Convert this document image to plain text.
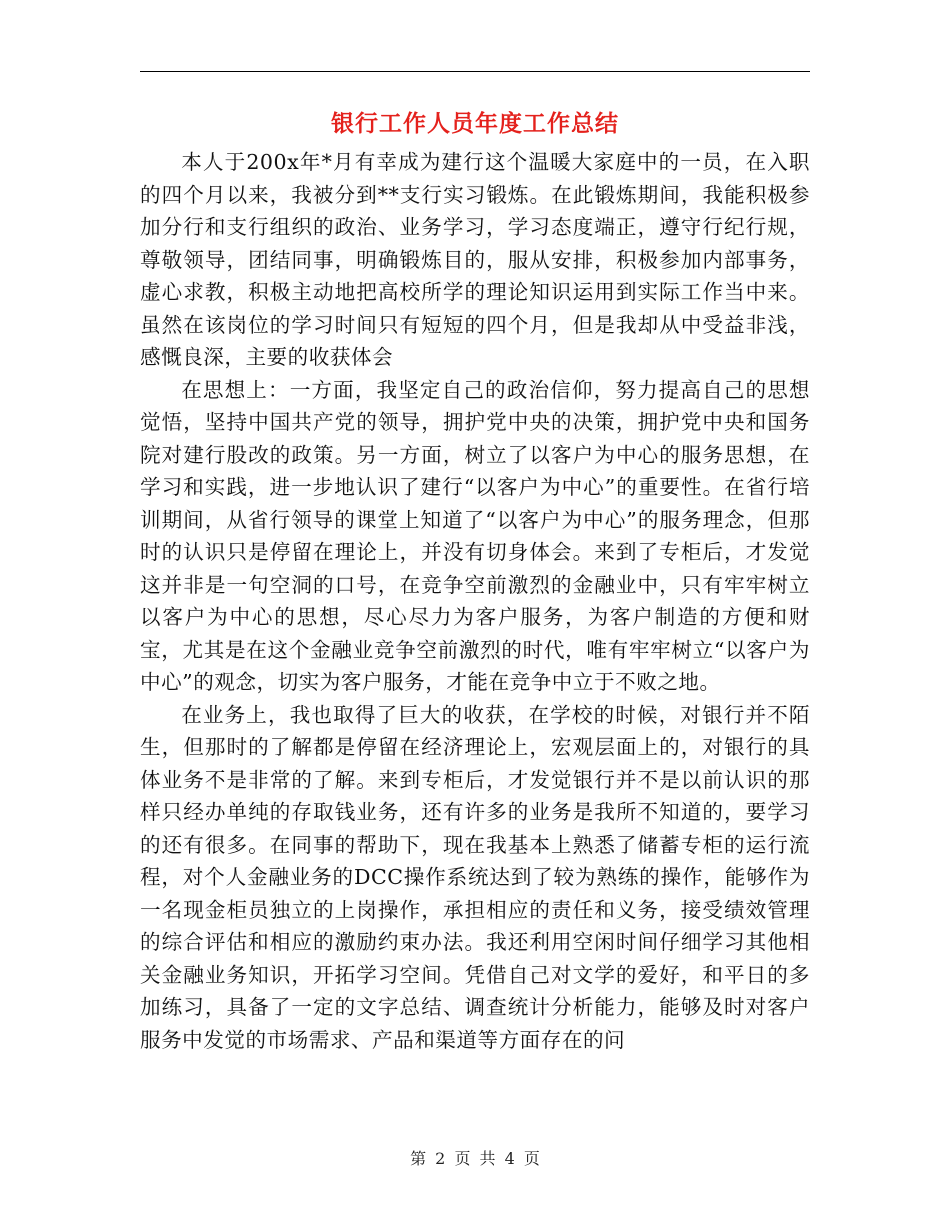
银行工作人员年度工作总结

本人于200x年*月有幸成为建行这个温暖大家庭中的一员，在入职的四个月以来，我被分到**支行实习锻炼。在此锻炼期间，我能积极参加分行和支行组织的政治、业务学习，学习态度端正，遵守行纪行规，尊敬领导，团结同事，明确锻炼目的，服从安排，积极参加内部事务，虚心求教，积极主动地把高校所学的理论知识运用到实际工作当中来。虽然在该岗位的学习时间只有短短的四个月，但是我却从中受益非浅，感慨良深，主要的收获体会

在思想上：一方面，我坚定自己的政治信仰，努力提高自己的思想觉悟，坚持中国共产党的领导，拥护党中央的决策，拥护党中央和国务院对建行股改的政策。另一方面，树立了以客户为中心的服务思想，在学习和实践，进一步地认识了建行“以客户为中心”的重要性。在省行培训期间，从省行领导的课堂上知道了“以客户为中心”的服务理念，但那时的认识只是停留在理论上，并没有切身体会。来到了专柜后，才发觉这并非是一句空洞的口号，在竞争空前激烈的金融业中，只有牢牢树立以客户为中心的思想，尽心尽力为客户服务，为客户制造的方便和财宝，尤其是在这个金融业竞争空前激烈的时代，唯有牢牢树立“以客户为中心”的观念，切实为客户服务，才能在竞争中立于不败之地。

在业务上，我也取得了巨大的收获，在学校的时候，对银行并不陌生，但那时的了解都是停留在经济理论上，宏观层面上的，对银行的具体业务不是非常的了解。来到专柜后，才发觉银行并不是以前认识的那样只经办单纯的存取钱业务，还有许多的业务是我所不知道的，要学习的还有很多。在同事的帮助下，现在我基本上熟悉了储蓄专柜的运行流程，对个人金融业务的DCC操作系统达到了较为熟练的操作，能够作为一名现金柜员独立的上岗操作，承担相应的责任和义务，接受绩效管理的综合评估和相应的激励约束办法。我还利用空闲时间仔细学习其他相关金融业务知识，开拓学习空间。凭借自己对文学的爱好，和平日的多加练习，具备了一定的文字总结、调查统计分析能力，能够及时对客户服务中发觉的市场需求、产品和渠道等方面存在的问

第 2 页 共 4 页
